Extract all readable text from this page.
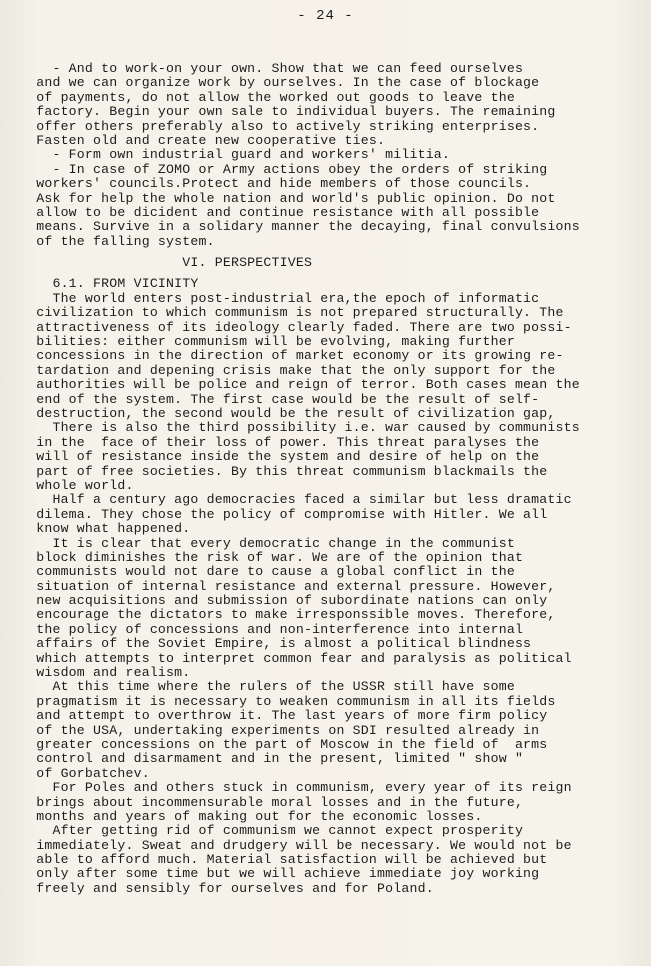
- 24 -
- And to work-on your own. Show that we can feed ourselves
and we can organize work by ourselves. In the case of blockage
of payments, do not allow the worked out goods to leave the
factory. Begin your own sale to individual buyers. The remaining
offer others preferably also to actively striking enterprises.
Fasten old and create new cooperative ties.
- Form own industrial guard and workers' militia.
- In case of ZOMO or Army actions obey the orders of striking
workers' councils.Protect and hide members of those councils.
Ask for help the whole nation and world's public opinion. Do not
allow to be dicident and continue resistance with all possible
means. Survive in a solidary manner the decaying, final convulsions
of the falling system.
VI. PERSPECTIVES
6.1. FROM VICINITY
The world enters post-industrial era,the epoch of informatic
civilization to which communism is not prepared structurally. The
attractiveness of its ideology clearly faded. There are two possi-
bilities: either communism will be evolving, making further
concessions in the direction of market economy or its growing re-
tardation and depening crisis make that the only support for the
authorities will be police and reign of terror. Both cases mean the
end of the system. The first case would be the result of self-
destruction, the second would be the result of civilization gap,
There is also the third possibility i.e. war caused by communists
in the  face of their loss of power. This threat paralyses the
will of resistance inside the system and desire of help on the
part of free societies. By this threat communism blackmails the
whole world.
Half a century ago democracies faced a similar but less dramatic
dilema. They chose the policy of compromise with Hitler. We all
know what happened.
It is clear that every democratic change in the communist
block diminishes the risk of war. We are of the opinion that
communists would not dare to cause a global conflict in the
situation of internal resistance and external pressure. However,
new acquisitions and submission of subordinate nations can only
encourage the dictators to make irresponssible moves. Therefore,
the policy of concessions and non-interference into internal
affairs of the Soviet Empire, is almost a political blindness
which attempts to interpret common fear and paralysis as political
wisdom and realism.
At this time where the rulers of the USSR still have some
pragmatism it is necessary to weaken communism in all its fields
and attempt to overthrow it. The last years of more firm policy
of the USA, undertaking experiments on SDI resulted already in
greater concessions on the part of Moscow in the field of  arms
control and disarmament and in the present, limited " show "
of Gorbatchev.
For Poles and others stuck in communism, every year of its reign
brings about incommensurable moral losses and in the future,
months and years of making out for the economic losses.
After getting rid of communism we cannot expect prosperity
immediately. Sweat and drudgery will be necessary. We would not be
able to afford much. Material satisfaction will be achieved but
only after some time but we will achieve immediate joy working
freely and sensibly for ourselves and for Poland.
